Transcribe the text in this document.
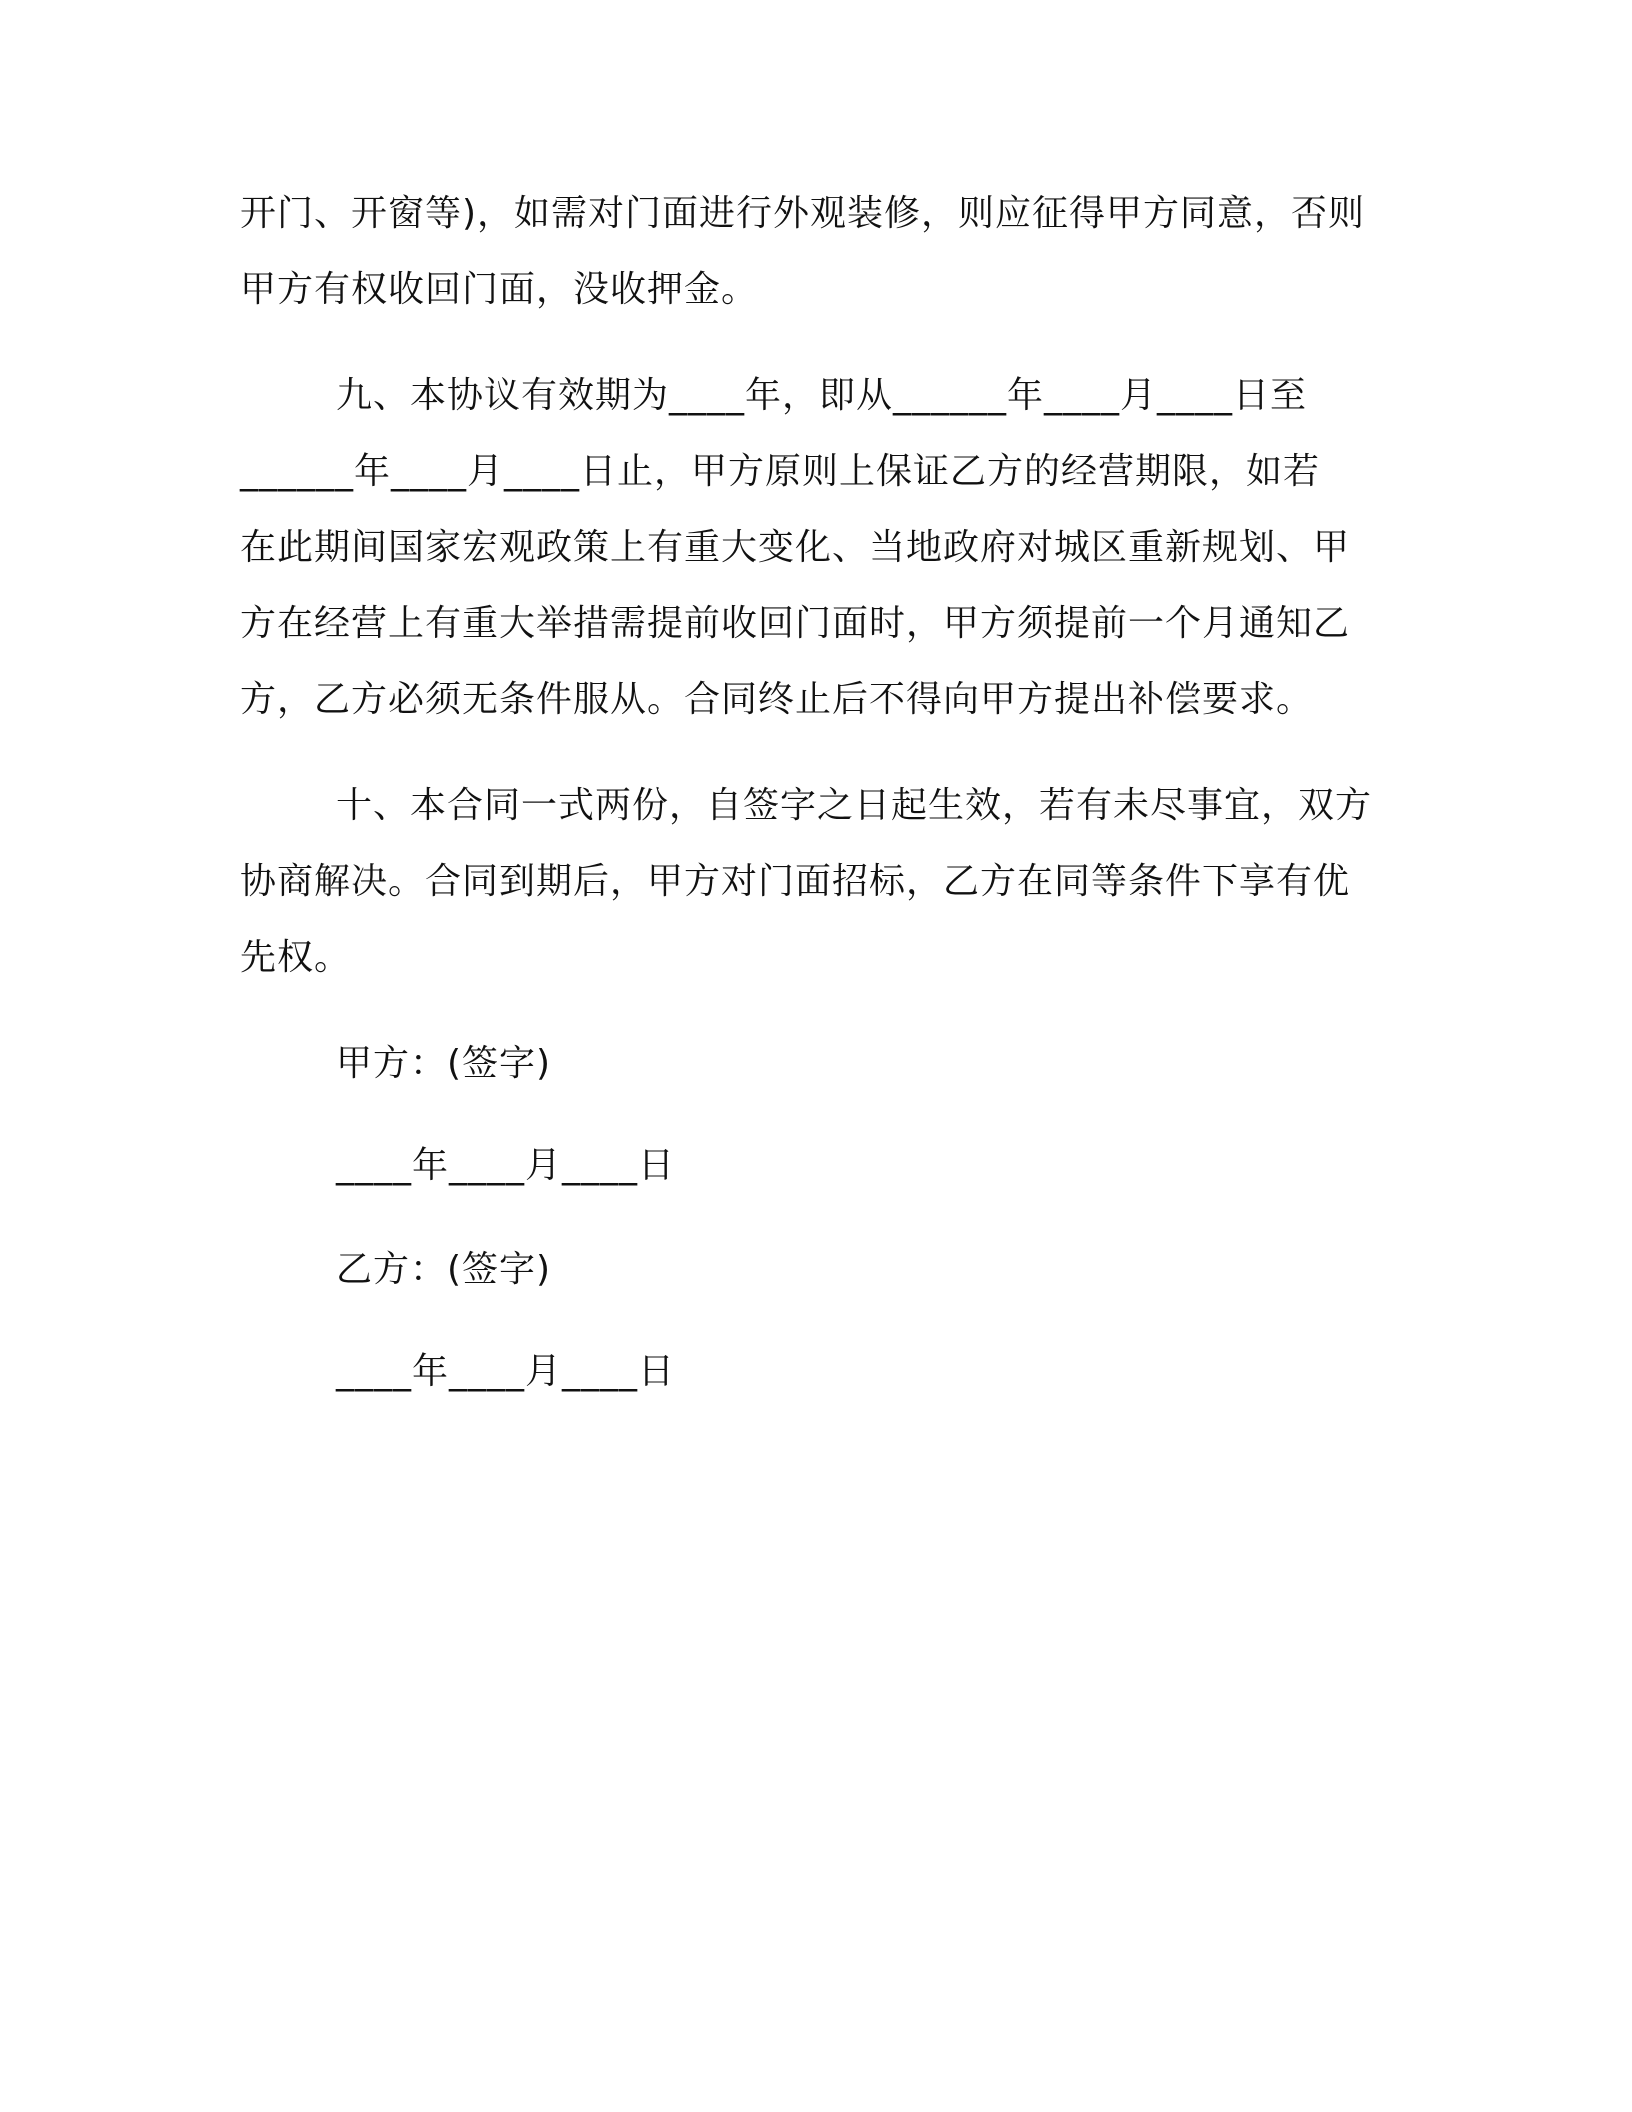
开门、开窗等)，如需对门面进行外观装修，则应征得甲方同意，否则
甲方有权收回门面，没收押金。
九、本协议有效期为____年，即从______年____月____日至
______年____月____日止，甲方原则上保证乙方的经营期限，如若
在此期间国家宏观政策上有重大变化、当地政府对城区重新规划、甲
方在经营上有重大举措需提前收回门面时，甲方须提前一个月通知乙
方，乙方必须无条件服从。合同终止后不得向甲方提出补偿要求。
十、本合同一式两份，自签字之日起生效，若有未尽事宜，双方
协商解决。合同到期后，甲方对门面招标，乙方在同等条件下享有优
先权。
甲方：(签字)
____年____月____日
乙方：(签字)
____年____月____日
